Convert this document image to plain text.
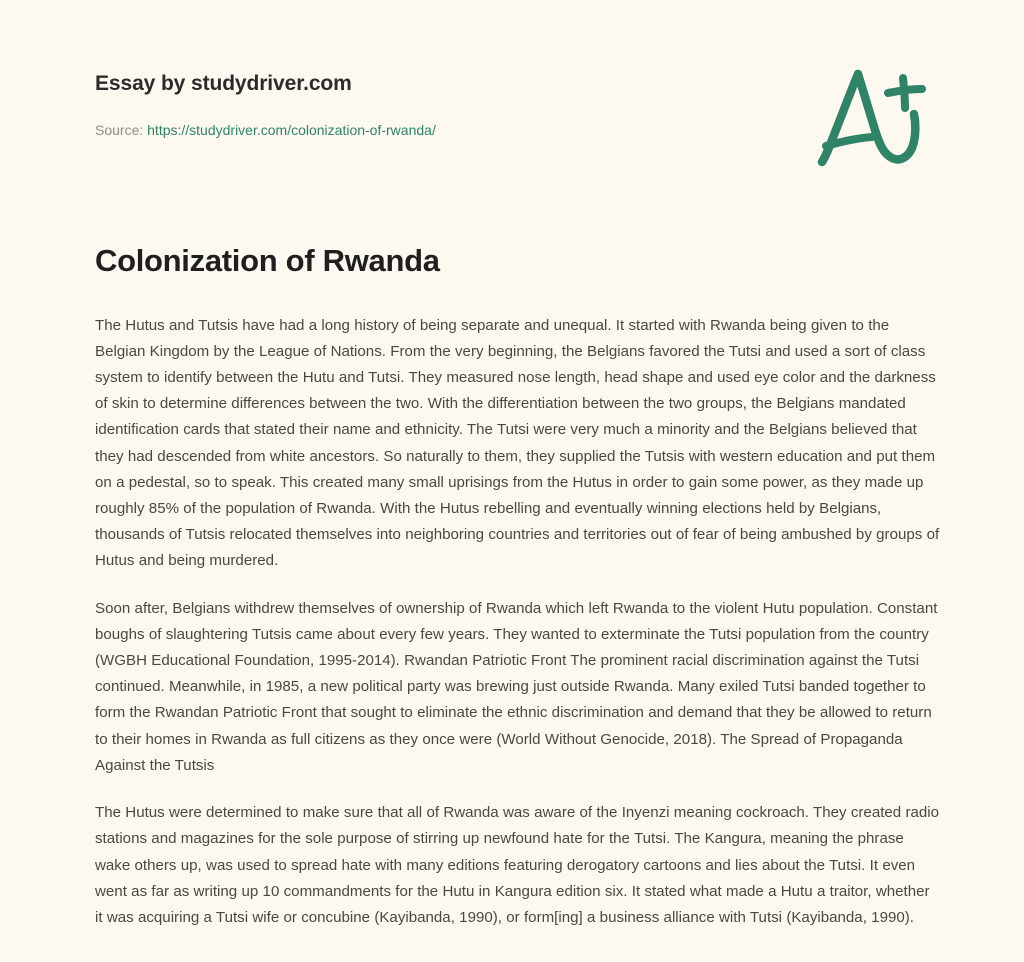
Essay by studydriver.com
Source: https://studydriver.com/colonization-of-rwanda/
Colonization of Rwanda

The Hutus and Tutsis have had a long history of being separate and unequal. It started with Rwanda being given to the Belgian Kingdom by the League of Nations. From the very beginning, the Belgians favored the Tutsi and used a sort of class system to identify between the Hutu and Tutsi. They measured nose length, head shape and used eye color and the darkness of skin to determine differences between the two. With the differentiation between the two groups, the Belgians mandated identification cards that stated their name and ethnicity. The Tutsi were very much a minority and the Belgians believed that they had descended from white ancestors. So naturally to them, they supplied the Tutsis with western education and put them on a pedestal, so to speak. This created many small uprisings from the Hutus in order to gain some power, as they made up roughly 85% of the population of Rwanda. With the Hutus rebelling and eventually winning elections held by Belgians, thousands of Tutsis relocated themselves into neighboring countries and territories out of fear of being ambushed by groups of Hutus and being murdered.

Soon after, Belgians withdrew themselves of ownership of Rwanda which left Rwanda to the violent Hutu population. Constant boughs of slaughtering Tutsis came about every few years. They wanted to exterminate the Tutsi population from the country (WGBH Educational Foundation, 1995-2014). Rwandan Patriotic Front The prominent racial discrimination against the Tutsi continued. Meanwhile, in 1985, a new political party was brewing just outside Rwanda. Many exiled Tutsi banded together to form the Rwandan Patriotic Front that sought to eliminate the ethnic discrimination and demand that they be allowed to return to their homes in Rwanda as full citizens as they once were (World Without Genocide, 2018). The Spread of Propaganda Against the Tutsis

The Hutus were determined to make sure that all of Rwanda was aware of the Inyenzi meaning cockroach. They created radio stations and magazines for the sole purpose of stirring up newfound hate for the Tutsi. The Kangura, meaning the phrase wake others up, was used to spread hate with many editions featuring derogatory cartoons and lies about the Tutsi. It even went as far as writing up 10 commandments for the Hutu in Kangura edition six. It stated what made a Hutu a traitor, whether it was acquiring a Tutsi wife or concubine (Kayibanda, 1990), or form[ing] a business alliance with Tutsi (Kayibanda, 1990).
